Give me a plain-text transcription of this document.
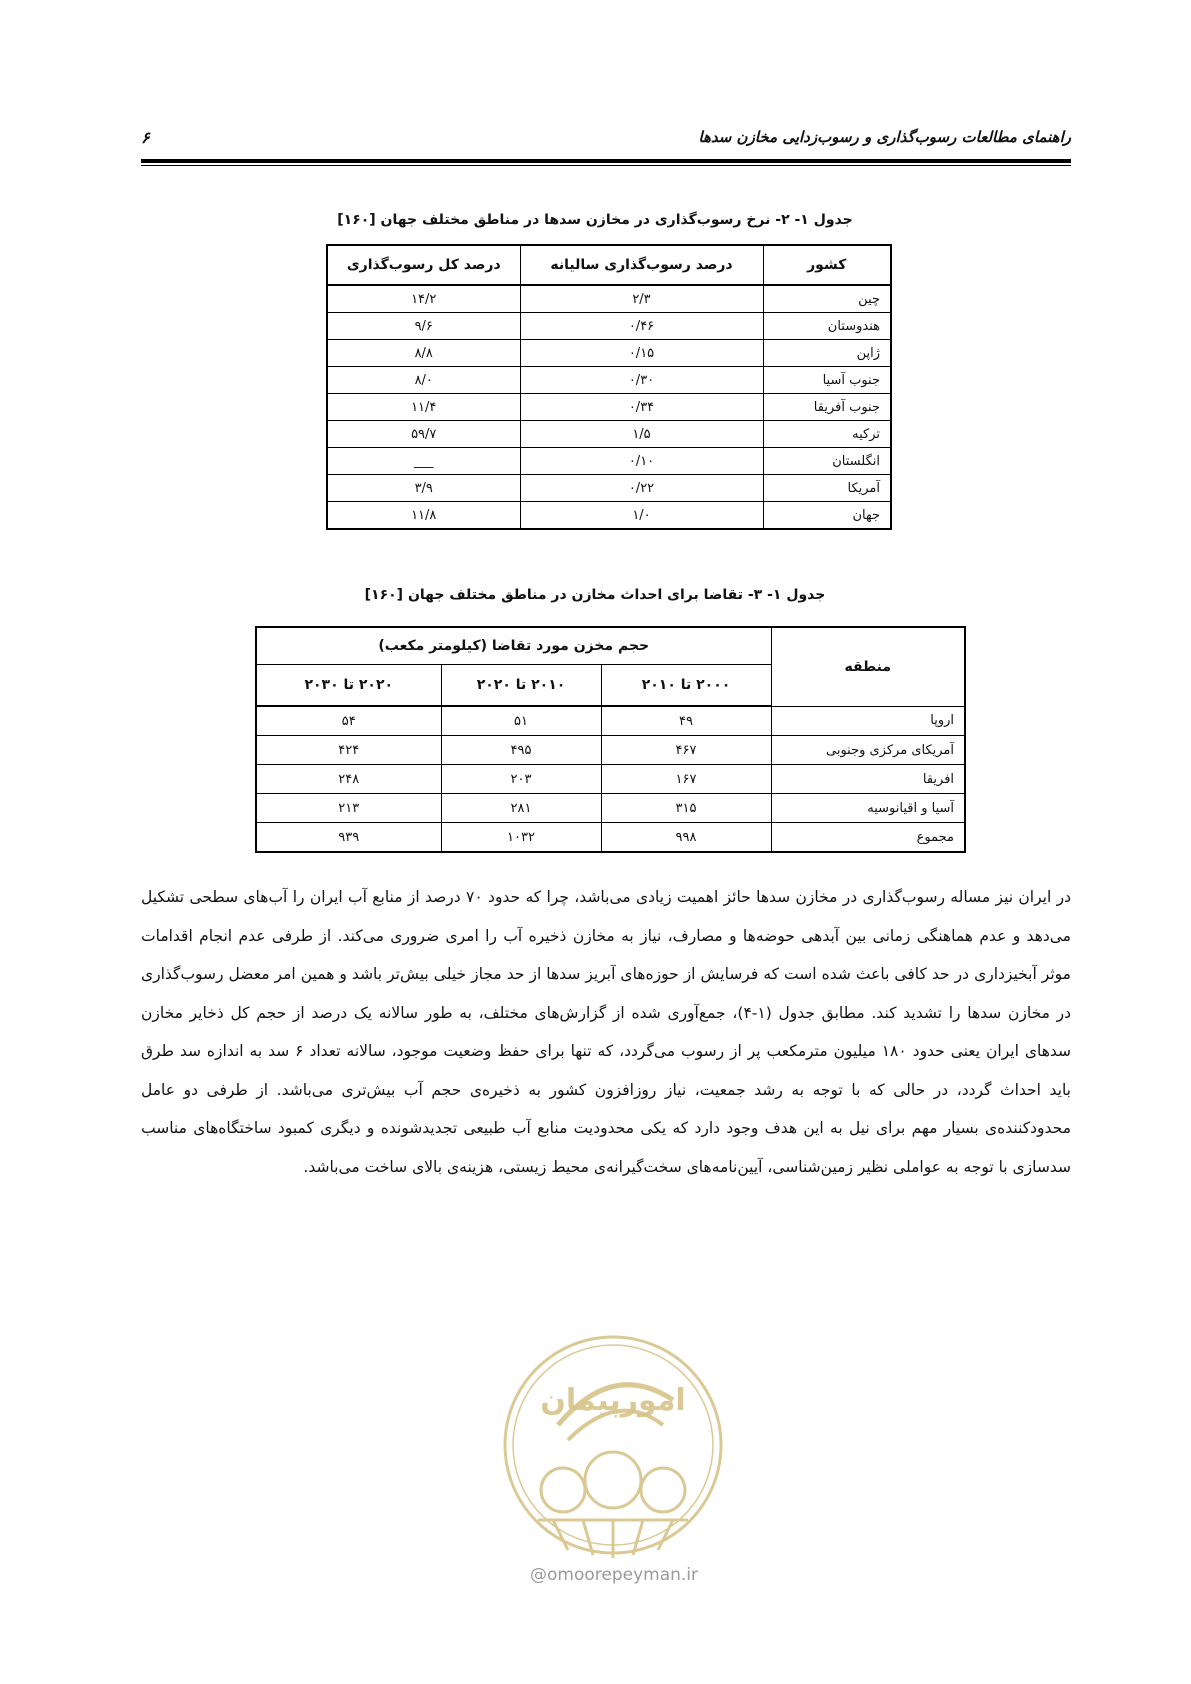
راهنمای مطالعات رسوب‌گذاری و رسوب‌زدایی مخازن سدها
۶
جدول ۱- ۲- نرخ رسوب‌گذاری در مخازن سدها در مناطق مختلف جهان [۱۶۰]
کشور	درصد رسوب‌گذاری سالیانه	درصد کل رسوب‌گذاری
چین	۲/۳	۱۴/۲
هندوستان	۰/۴۶	۹/۶
ژاپن	۰/۱۵	۸/۸
جنوب آسیا	۰/۳۰	۸/۰
جنوب آفریقا	۰/۳۴	۱۱/۴
ترکیه	۱/۵	۵۹/۷
انگلستان	۰/۱۰	___
آمریکا	۰/۲۲	۳/۹
جهان	۱/۰	۱۱/۸
جدول ۱- ۳- تقاضا برای احداث مخازن در مناطق مختلف جهان [۱۶۰]
منطقه	حجم مخزن مورد تقاضا (کیلومتر مکعب)		
	۲۰۰۰ تا ۲۰۱۰	۲۰۱۰ تا ۲۰۲۰	۲۰۲۰ تا ۲۰۳۰
اروپا	۴۹	۵۱	۵۴
آمریکای مرکزی وجنوبی	۴۶۷	۴۹۵	۴۲۴
افریقا	۱۶۷	۲۰۳	۲۴۸
آسیا و اقیانوسیه	۳۱۵	۲۸۱	۲۱۳
مجموع	۹۹۸	۱۰۳۲	۹۳۹

در ایران نیز مساله رسوب‌گذاری در مخازن سدها حائز اهمیت زیادی می‌باشد، چرا که حدود ۷۰ درصد از منابع آب ایران را آب‌های سطحی تشکیل می‌دهد و عدم هماهنگی زمانی بین آبدهی حوضه‌ها و مصارف، نیاز به مخازن ذخیره آب را امری ضروری می‌کند. از طرفی عدم انجام اقدامات موثر آبخیزداری در حد کافی باعث شده است که فرسایش از حوزه‌های آبریز سدها از حد مجاز خیلی بیش‌تر باشد و همین امر معضل رسوب‌گذاری در مخازن سدها را تشدید کند. مطابق جدول (۱-۴)، جمع‌آوری شده از گزارش‌های مختلف، به طور سالانه یک درصد از حجم کل ذخایر مخازن سدهای ایران یعنی حدود ۱۸۰ میلیون مترمکعب پر از رسوب می‌گردد، که تنها برای حفظ وضعیت موجود، سالانه تعداد ۶ سد به اندازه سد طرق باید احداث گردد، در حالی که با توجه به رشد جمعیت، نیاز روزافزون کشور به ذخیره‌ی حجم آب بیش‌تری می‌باشد. از طرفی دو عامل محدودکننده‌ی بسیار مهم برای نیل به این هدف وجود دارد که یکی محدودیت منابع آب طبیعی تجدیدشونده و دیگری کمبود ساختگاه‌های مناسب سدسازی با توجه به عواملی نظیر زمین‌شناسی، آیین‌نامه‌های سخت‌گیرانه‌ی محیط زیستی، هزینه‌ی بالای ساخت می‌باشد.

امورپیمان
@omoorepeyman.ir
